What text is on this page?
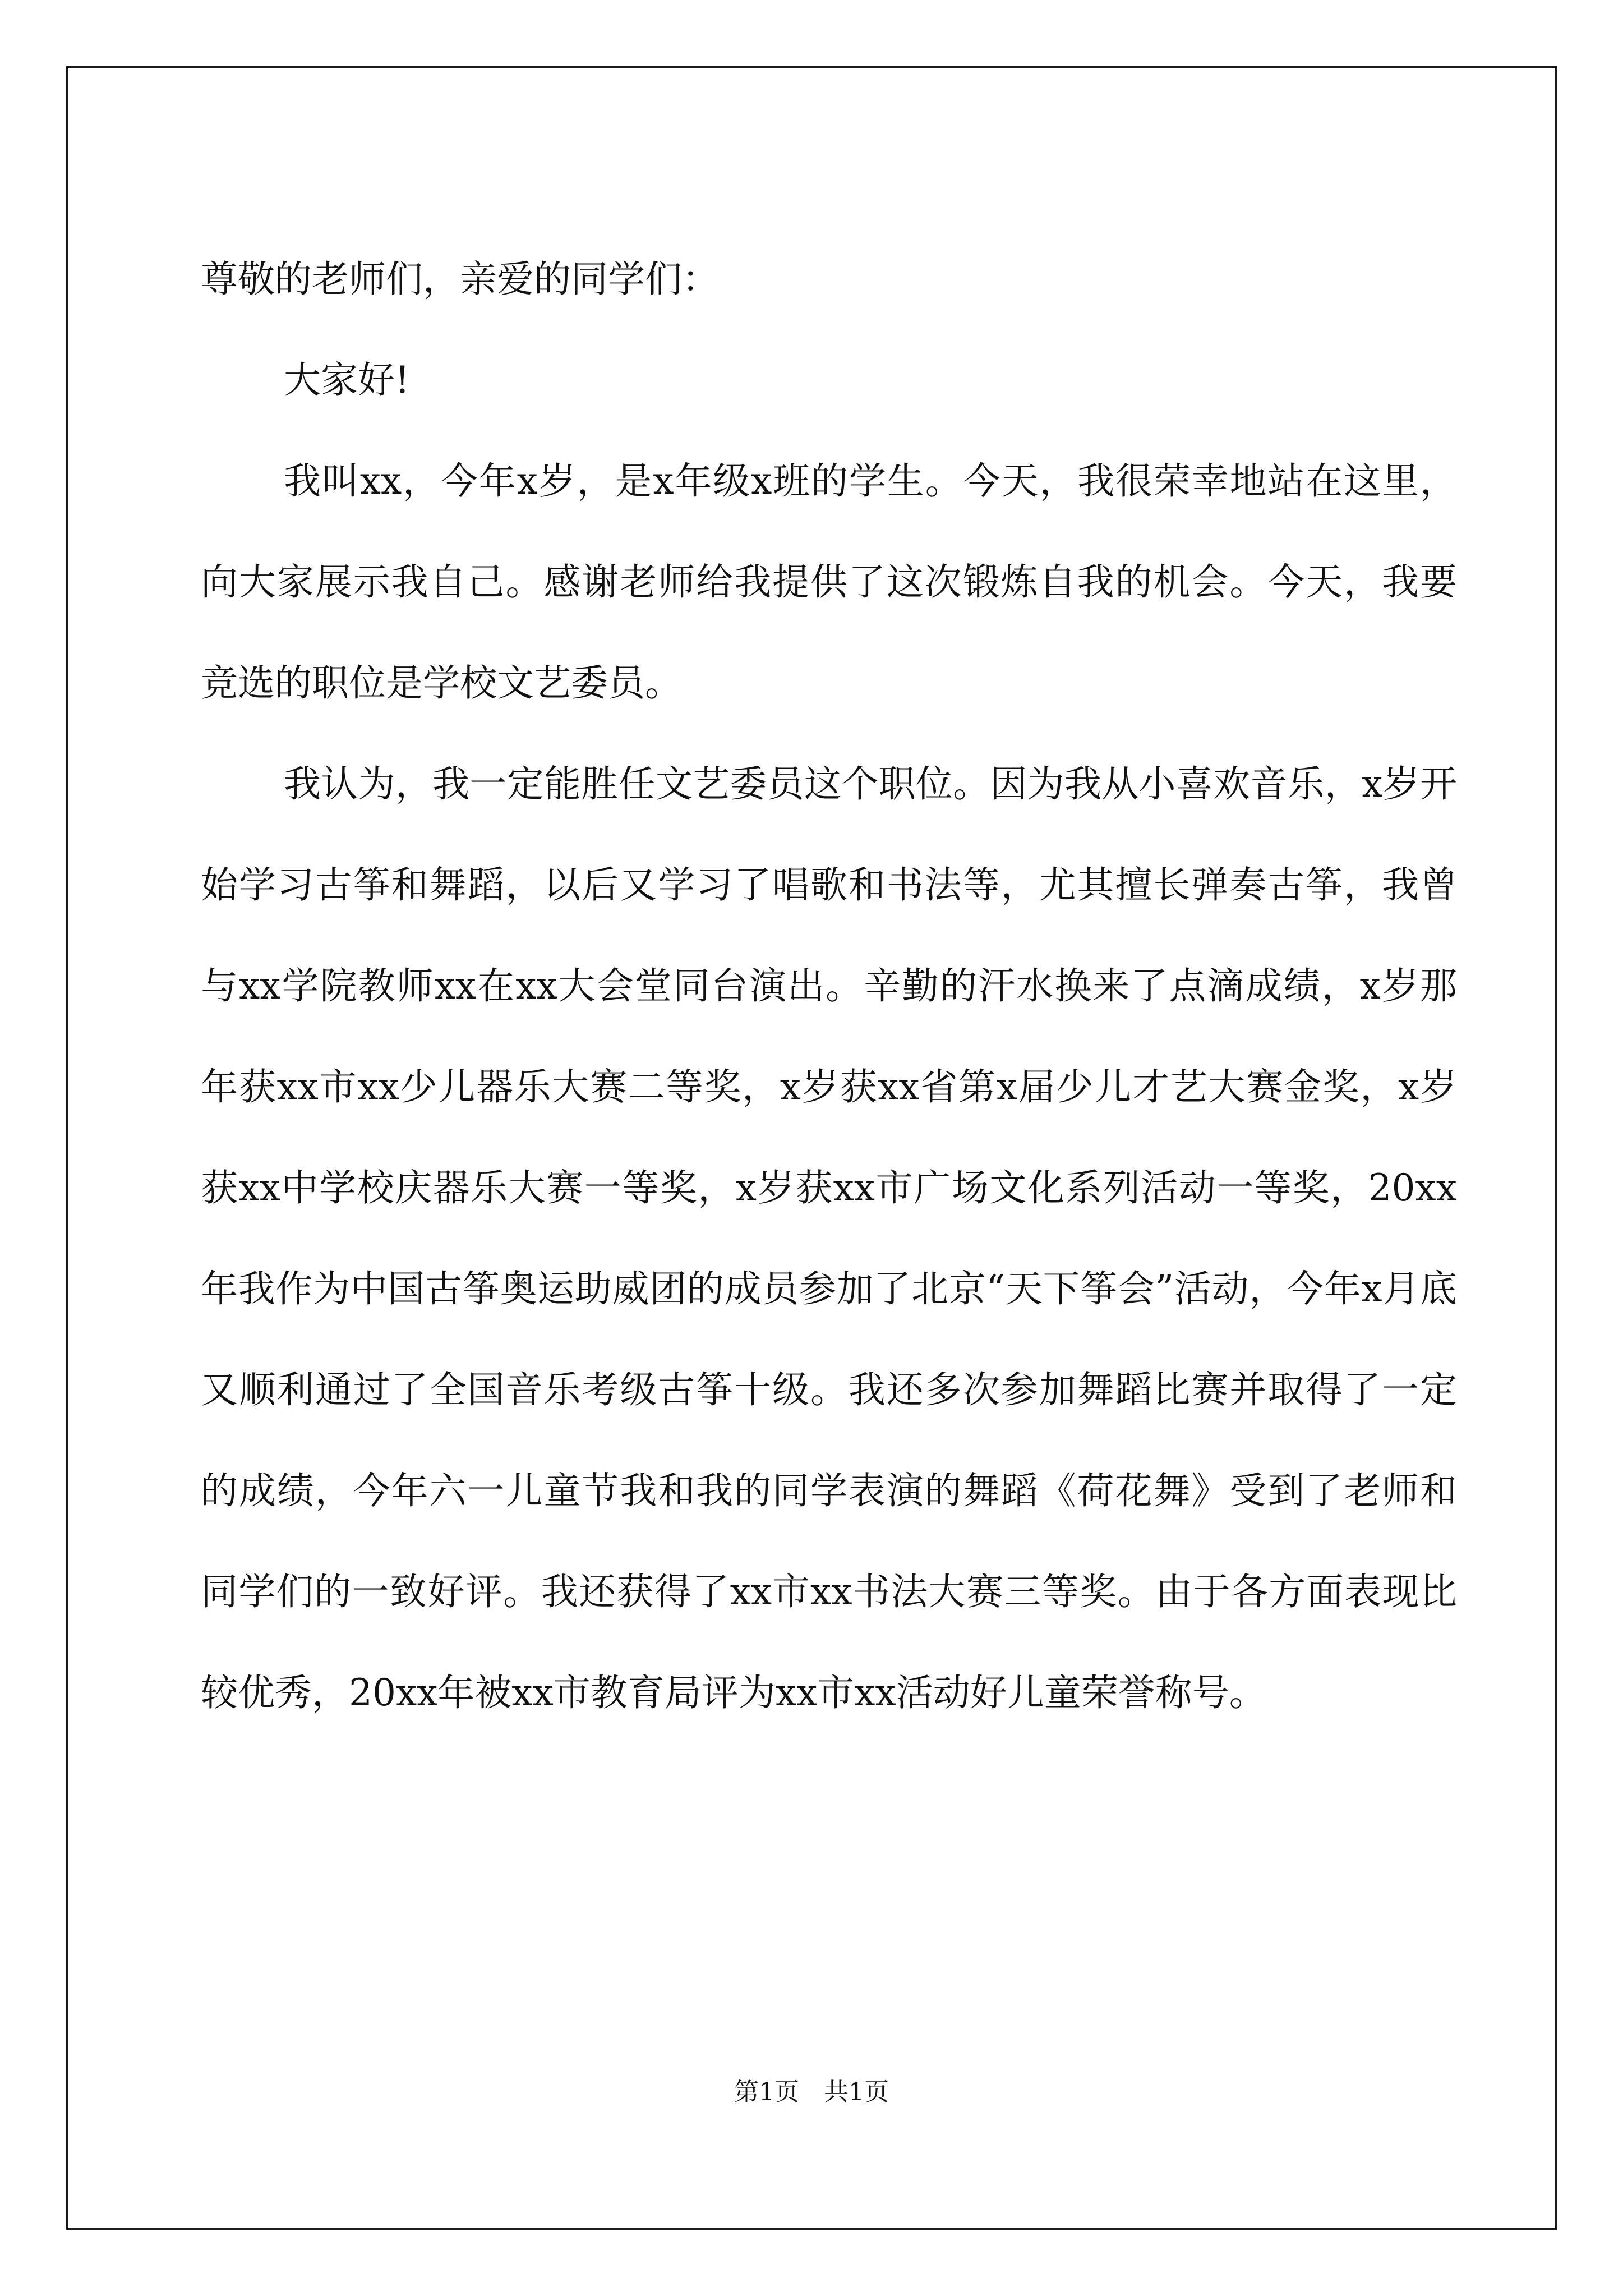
尊敬的老师们，亲爱的同学们：

大家好!

我叫xx，今年x岁，是x年级x班的学生。今天，我很荣幸地站在这里，向大家展示我自己。感谢老师给我提供了这次锻炼自我的机会。今天，我要竞选的职位是学校文艺委员。

我认为，我一定能胜任文艺委员这个职位。因为我从小喜欢音乐，x岁开始学习古筝和舞蹈，以后又学习了唱歌和书法等，尤其擅长弹奏古筝，我曾与xx学院教师xx在xx大会堂同台演出。辛勤的汗水换来了点滴成绩，x岁那年获xx市xx少儿器乐大赛二等奖，x岁获xx省第x届少儿才艺大赛金奖，x岁获xx中学校庆器乐大赛一等奖，x岁获xx市广场文化系列活动一等奖，20xx年我作为中国古筝奥运助威团的成员参加了北京“天下筝会”活动，今年x月底又顺利通过了全国音乐考级古筝十级。我还多次参加舞蹈比赛并取得了一定的成绩，今年六一儿童节我和我的同学表演的舞蹈《荷花舞》受到了老师和同学们的一致好评。我还获得了xx市xx书法大赛三等奖。由于各方面表现比较优秀，20xx年被xx市教育局评为xx市xx活动好儿童荣誉称号。

第1页　共1页
